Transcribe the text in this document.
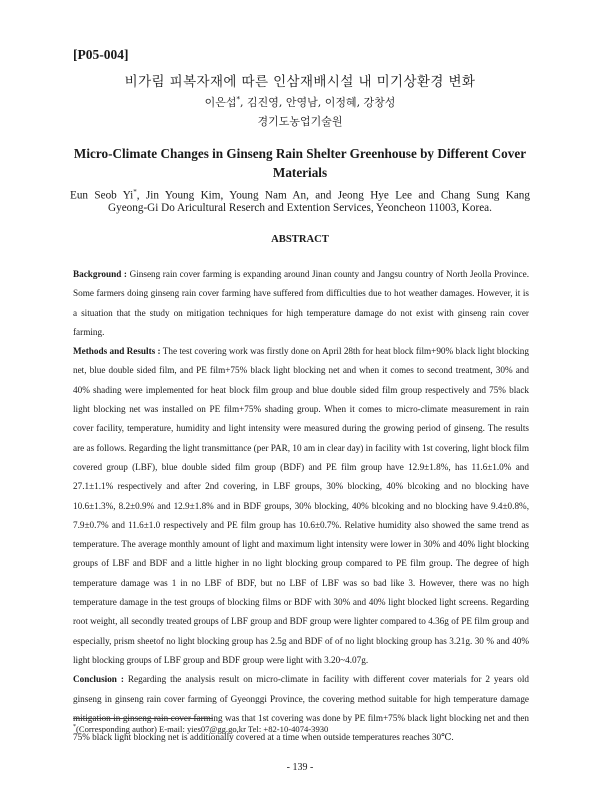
[P05-004]
비가림 피복자재에 따른 인삼재배시설 내 미기상환경 변화
이은섭*, 김진영, 안영남, 이정혜, 강창성
경기도농업기술원
Micro-Climate Changes in Ginseng Rain Shelter Greenhouse by Different Cover Materials
Eun Seob Yi*, Jin Young Kim, Young Nam An, and Jeong Hye Lee and Chang Sung Kang
Gyeong-Gi Do Aricultural Reserch and Extention Services, Yeoncheon 11003, Korea.
ABSTRACT

Background : Ginseng rain cover farming is expanding around Jinan county and Jangsu country of North Jeolla Province. Some farmers doing ginseng rain cover farming have suffered from difficulties due to hot weather damages. However, it is a situation that the study on mitigation techniques for high temperature damage do not exist with ginseng rain cover farming.

Methods and Results : The test covering work was firstly done on April 28th for heat block film+90% black light blocking net, blue double sided film, and PE film+75% black light blocking net and when it comes to second treatment, 30% and 40% shading were implemented for heat block film group and blue double sided film group respectively and 75% black light blocking net was installed on PE film+75% shading group. When it comes to micro-climate measurement in rain cover facility, temperature, humidity and light intensity were measured during the growing period of ginseng. The results are as follows. Regarding the light transmittance (per PAR, 10 am in clear day) in facility with 1st covering, light block film covered group (LBF), blue double sided film group (BDF) and PE film group have 12.9±1.8%, has 11.6±1.0% and 27.1±1.1% respectively and after 2nd covering, in LBF groups, 30% blocking, 40% blcoking and no blocking have 10.6±1.3%, 8.2±0.9% and 12.9±1.8% and in BDF groups, 30% blocking, 40% blcoking and no blocking have 9.4±0.8%, 7.9±0.7% and 11.6±1.0 respectively and PE film group has 10.6±0.7%. Relative humidity also showed the same trend as temperature. The average monthly amount of light and maximum light intensity were lower in 30% and 40% light blocking groups of LBF and BDF and a little higher in no light blocking group compared to PE film group. The degree of high temperature damage was 1 in no LBF of BDF, but no LBF of LBF was so bad like 3. However, there was no high temperature damage in the test groups of blocking films or BDF with 30% and 40% light blocked light screens. Regarding root weight, all secondly treated groups of LBF group and BDF group were lighter compared to 4.36g of PE film group and especially, prism sheetof no light blocking group has 2.5g and BDF of of no light blocking group has 3.21g. 30 % and 40% light blocking groups of LBF group and BDF group were light with 3.20~4.07g.

Conclusion : Regarding the analysis result on micro-climate in facility with different cover materials for 2 years old ginseng in ginseng rain cover farming of Gyeonggi Province, the covering method suitable for high temperature damage mitigation in ginseng rain cover farming was that 1st covering was done by PE film+75% black light blocking net and then 75% black light blocking net is additionally covered at a time when outside temperatures reaches 30℃.

*(Corresponding author) E-mail: yies07@gg.go,kr Tel: +82-10-4074-3930
- 139 -
